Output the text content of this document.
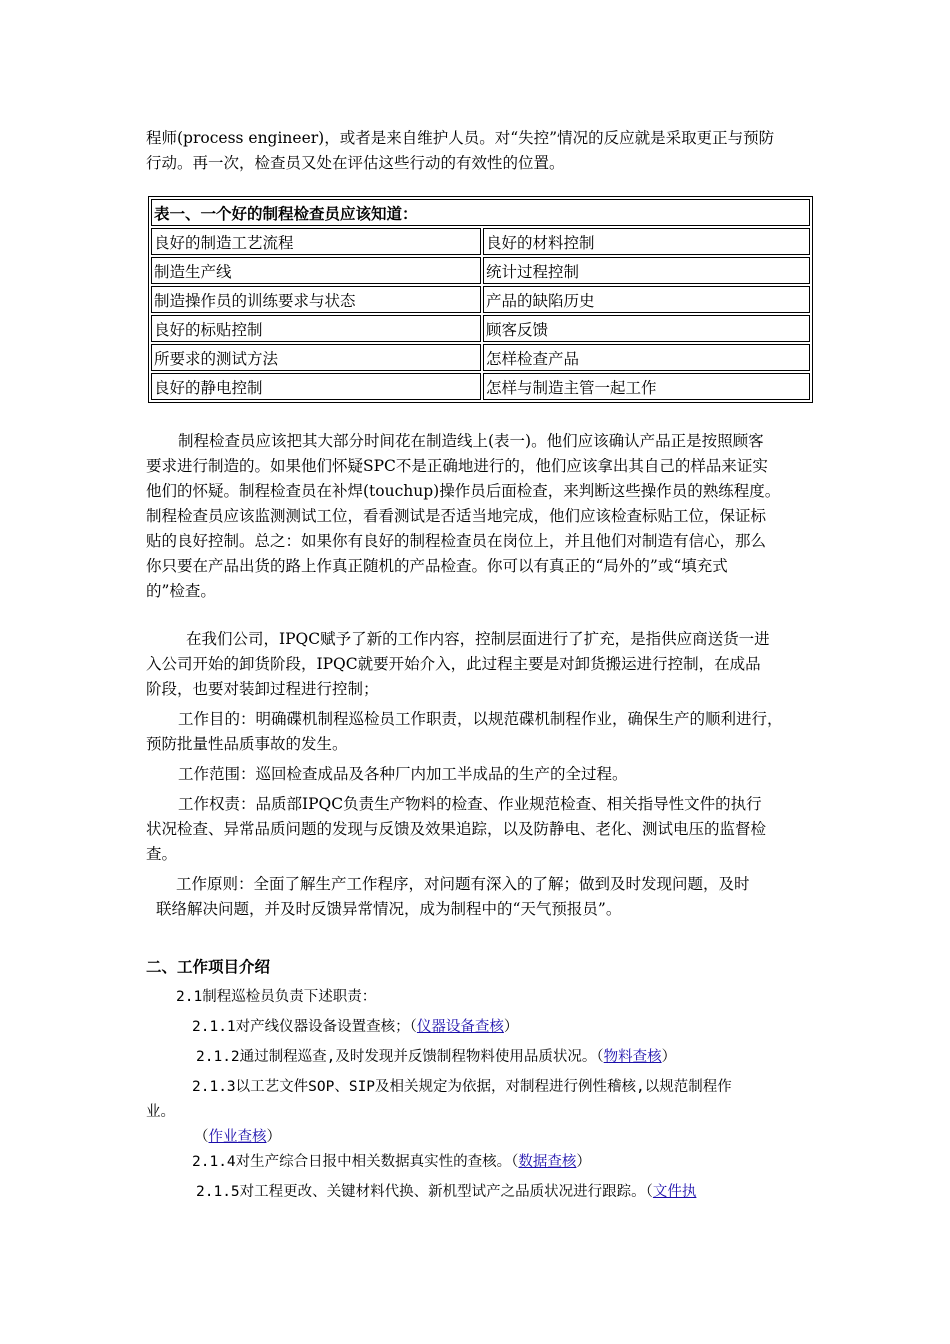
程师(process engineer)，或者是来自维护人员。对“失控”情况的反应就是采取更正与预防
行动。再一次，检查员又处在评估这些行动的有效性的位置。
表一、一个好的制程检查员应该知道：	
良好的制造工艺流程	良好的材料控制
制造生产线	统计过程控制
制造操作员的训练要求与状态	产品的缺陷历史
良好的标贴控制	顾客反馈
所要求的测试方法	怎样检查产品
良好的静电控制	怎样与制造主管一起工作
制程检查员应该把其大部分时间花在制造线上(表一)。他们应该确认产品正是按照顾客
要求进行制造的。如果他们怀疑SPC不是正确地进行的，他们应该拿出其自己的样品来证实
他们的怀疑。制程检查员在补焊(touchup)操作员后面检查，来判断这些操作员的熟练程度。
制程检查员应该监测测试工位，看看测试是否适当地完成，他们应该检查标贴工位，保证标
贴的良好控制。总之：如果你有良好的制程检查员在岗位上，并且他们对制造有信心，那么
你只要在产品出货的路上作真正随机的产品检查。你可以有真正的“局外的”或“填充式
的”检查。
在我们公司，IPQC赋予了新的工作内容，控制层面进行了扩充，是指供应商送货一进
入公司开始的卸货阶段，IPQC就要开始介入，此过程主要是对卸货搬运进行控制，在成品
阶段，也要对装卸过程进行控制；
工作目的：明确碟机制程巡检员工作职责，以规范碟机制程作业，确保生产的顺利进行，
预防批量性品质事故的发生。
工作范围：巡回检查成品及各种厂内加工半成品的生产的全过程。
工作权责：品质部IPQC负责生产物料的检查、作业规范检查、相关指导性文件的执行
状况检查、异常品质问题的发现与反馈及效果追踪，以及防静电、老化、测试电压的监督检
查。
工作原则：全面了解生产工作程序，对问题有深入的了解；做到及时发现问题，及时
联络解决问题，并及时反馈异常情况，成为制程中的“天气预报员”。
二、工作项目介绍
2.1制程巡检员负责下述职责：
2.1.1对产线仪器设备设置查核；（仪器设备查核）
2.1.2通过制程巡查,及时发现并反馈制程物料使用品质状况。（物料查核）
2.1.3以工艺文件SOP、SIP及相关规定为依据，对制程进行例性稽核,以规范制程作
业。
（作业查核）
2.1.4对生产综合日报中相关数据真实性的查核。（数据查核）
2.1.5对工程更改、关键材料代换、新机型试产之品质状况进行跟踪。（文件执
